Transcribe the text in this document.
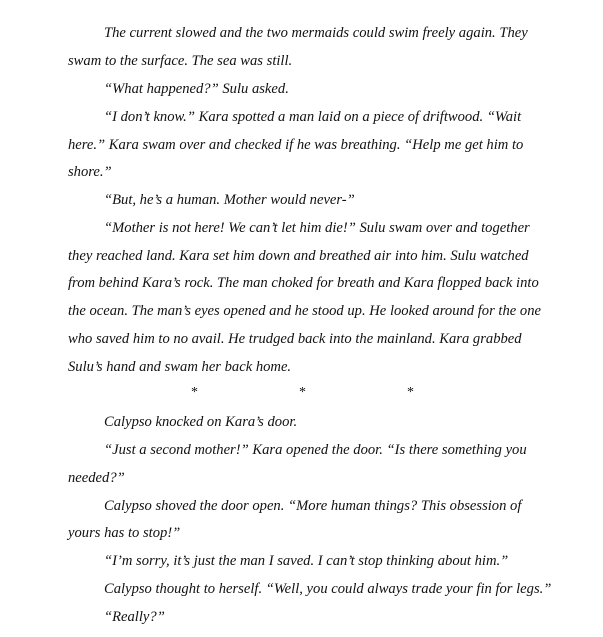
The current slowed and the two mermaids could swim freely again. They
swam to the surface. The sea was still.
“What happened?” Sulu asked.
“I don’t know.” Kara spotted a man laid on a piece of driftwood. “Wait
here.” Kara swam over and checked if he was breathing. “Help me get him to
shore.”
“But, he’s a human. Mother would never-”
“Mother is not here! We can’t let him die!” Sulu swam over and together
they reached land. Kara set him down and breathed air into him. Sulu watched
from behind Kara’s rock. The man choked for breath and Kara flopped back into
the ocean. The man’s eyes opened and he stood up. He looked around for the one
who saved him to no avail. He trudged back into the mainland. Kara grabbed
Sulu’s hand and swam her back home.
*	*	*
Calypso knocked on Kara’s door.
“Just a second mother!” Kara opened the door. “Is there something you
needed?”
Calypso shoved the door open. “More human things? This obsession of
yours has to stop!”
“I’m sorry, it’s just the man I saved. I can’t stop thinking about him.”
Calypso thought to herself. “Well, you could always trade your fin for legs.”
“Really?”
